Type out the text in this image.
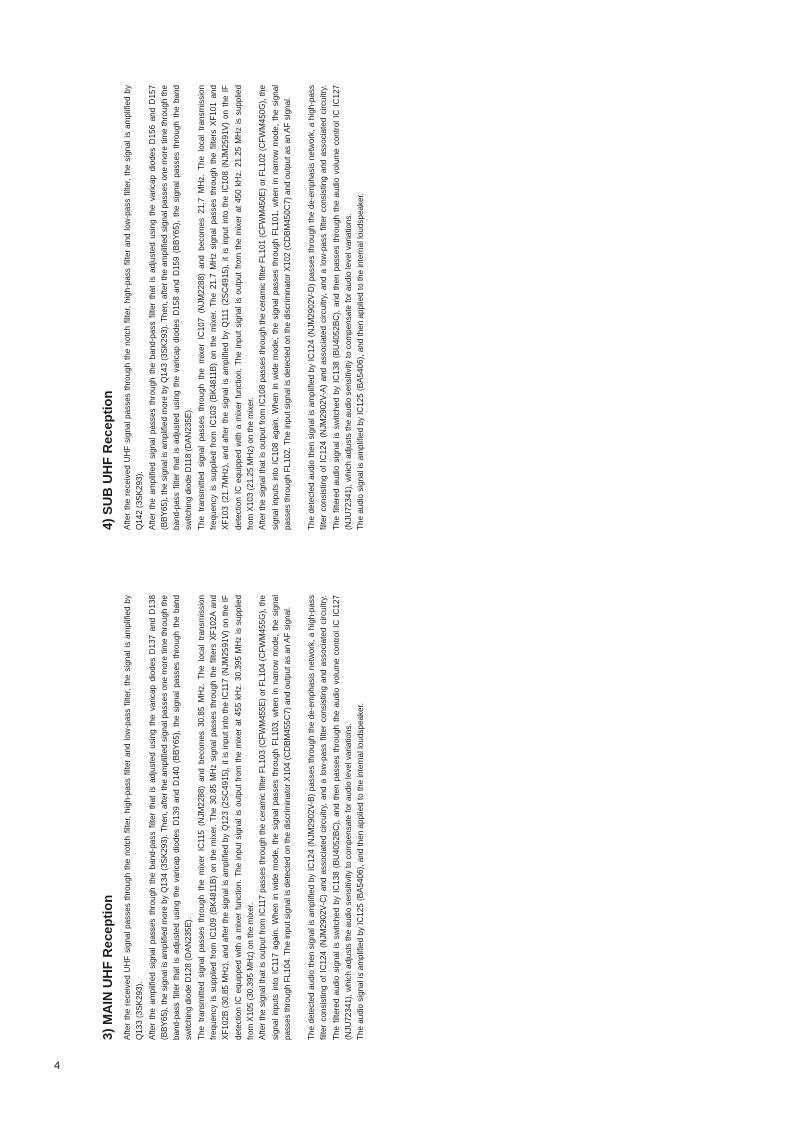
4
3) MAIN UHF Reception After the received UHF signal passes through the notch filter, high-pass filter and low-pass filter, the signal is amplified by Q133 (3SK293). After the amplified signal passes through the band-pass filter that is adjusted using the varicap diodes D137 and D138 (BBY65), the signal is amplified more by Q134 (3SK293). Then, after the amplified signal passes one more time through the band-pass filter that is adjusted using the varicap diodes D139 and D140 (BBY65), the signal passes through the band switching diode D128 (DAN235E). The transmitted signal passes through the mixer IC115 (NJM2288) and becomes 30.85 MHz. The local transmission frequency is supplied from IC109 (BK4811B) on the mixer. The 30.85 MHz signal passes through the filters XF102A and XF102B (30.85 MHz), and after the signal is amplified by Q123 (2SC4915), it is input into the IC117 (NJM2591V) on the IF detection IC equipped with a mixer function. The input signal is output from the mixer at 455 kHz. 30.395 MHz is supplied from X105 (30.395 MHz) on the mixer. After the signal that is output from IC117 passes through the ceramic filter FL103 (CFWM455E) or FL104 (CFWM455G), the signal inputs into IC117 again. When in wide mode, the signal passes through FL103, when in narrow mode, the signal passes through FL104. The input signal is detected on the discriminator X104 (CDBM455C7) and output as an AF signal. The detected audio then signal is amplified by IC124 (NJM2902V-B) passes through the de-emphasis network, a high-pass filter consisting of IC124 (NJM2902V-C) and associated circuitry, and a low-pass filter consisting and associated circuitry. The filtered audio signal is switched by IC138 (BU4052BC), and then passes through the audio volume control IC IC127 (NJU72341), which adjusts the audio sensitivity to compensate for audio level variations. The audio signal is amplified by IC125 (BA5406), and then applied to the internal loudspeaker.

4) SUB UHF Reception After the received UHF signal passes through the notch filter, high-pass filter and low-pass filter, the signal is amplified by Q142 (3SK293). After the amplified signal passes through the band-pass filter that is adjusted using the varicap diodes D156 and D157 (BBY65), the signal is amplified more by Q143 (3SK293). Then, after the amplified signal passes one more time through the band-pass filter that is adjusted using the varicap diodes D158 and D159 (BBY65), the signal passes through the band switching diode D118 (DAN235E). The transmitted signal passes through the mixer IC107 (NJM2288) and becomes 21.7 MHz. The local transmission frequency is supplied from IC103 (BK4811B) on the mixer. The 21.7 MHz signal passes through the filters XF101 and XF103 (21.7MHz), and after the signal is amplified by Q111 (2SC4915), it is input into the IC108 (NJM2591V) on the IF detection IC equipped with a mixer function. The input signal is output from the mixer at 450 kHz. 21.25 MHz is supplied from X103 (21.25 MHz) on the mixer. After the signal that is output from IC108 passes through the ceramic filter FL101 (CFWM450E) or FL102 (CFWM450G), the signal inputs into IC108 again. When in wide mode, the signal passes through FL101, when in narrow mode, the signal passes through FL102. The input signal is detected on the discriminator X102 (CDBM450C7) and output as an AF signal. The detected audio then signal is amplified by IC124 (NJM2902V-D) passes through the de-emphasis network, a high-pass filter consisting of IC124 (NJM2902V-A) and associated circuitry, and a low-pass filter consisting and associated circuitry. The filtered audio signal is switched by IC138 (BU4052BC), and then passes through the audio volume control IC IC127 (NJU72341), which adjusts the audio sensitivity to compensate for audio level variations. The audio signal is amplified by IC125 (BA5406), and then applied to the internal loudspeaker.
